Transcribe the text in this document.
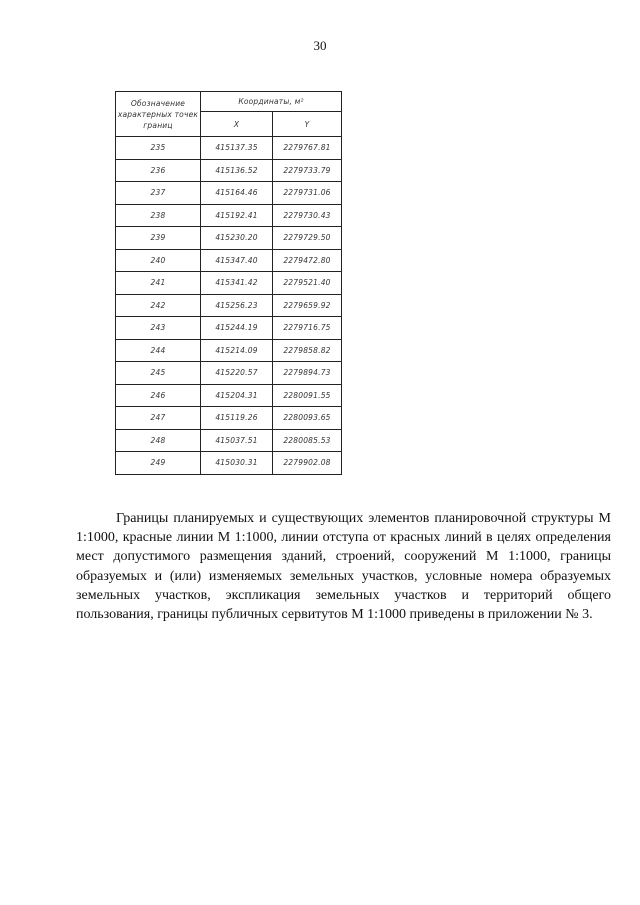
30
Обозначение характерных точек границ	Координаты, м²	
	X	Y
235	415137.35	2279767.81
236	415136.52	2279733.79
237	415164.46	2279731.06
238	415192.41	2279730.43
239	415230.20	2279729.50
240	415347.40	2279472.80
241	415341.42	2279521.40
242	415256.23	2279659.92
243	415244.19	2279716.75
244	415214.09	2279858.82
245	415220.57	2279894.73
246	415204.31	2280091.55
247	415119.26	2280093.65
248	415037.51	2280085.53
249	415030.31	2279902.08

Границы планируемых и существующих элементов планировочной структуры М 1:1000, красные линии М 1:1000, линии отступа от красных линий в целях определения мест допустимого размещения зданий, строений, сооружений М 1:1000, границы образуемых и (или) изменяемых земельных участков, условные номера образуемых земельных участков, экспликация земельных участков и территорий общего пользования, границы публичных сервитутов М 1:1000 приведены в приложении № 3.
